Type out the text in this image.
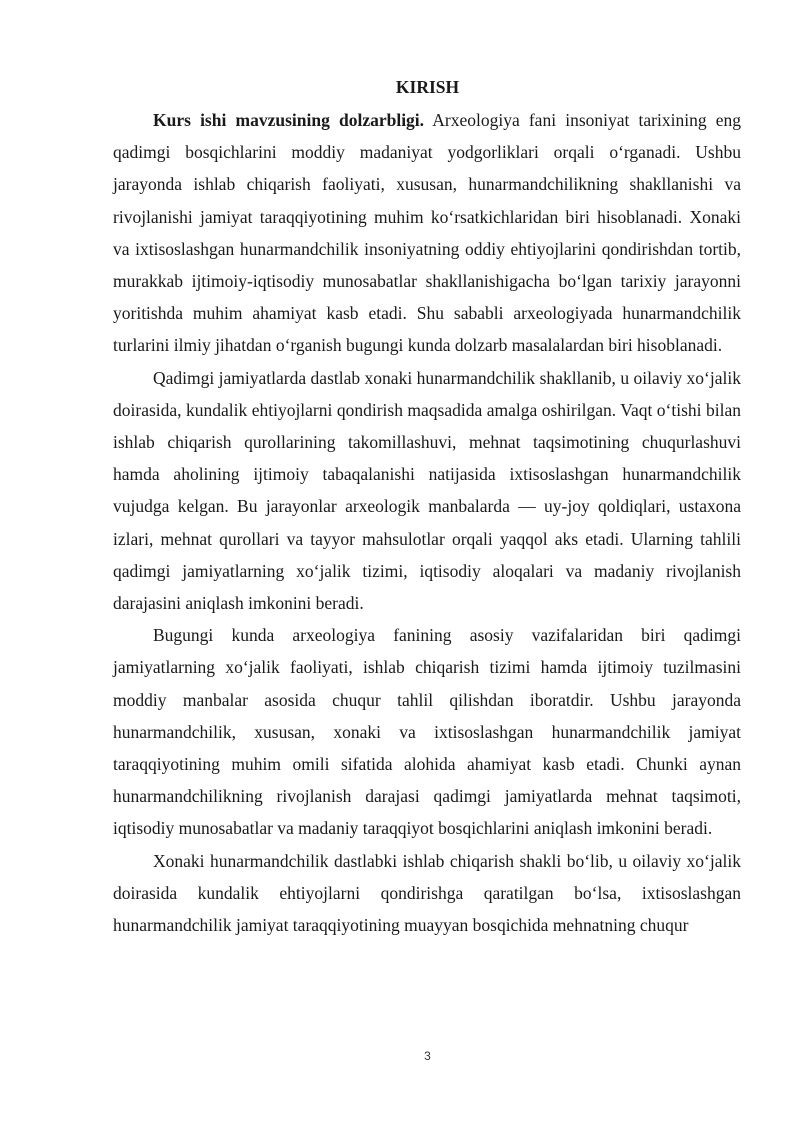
KIRISH

Kurs ishi mavzusining dolzarbligi. Arxeologiya fani insoniyat tarixining eng qadimgi bosqichlarini moddiy madaniyat yodgorliklari orqali o‘rganadi. Ushbu jarayonda ishlab chiqarish faoliyati, xususan, hunarmandchilikning shakllanishi va rivojlanishi jamiyat taraqqiyotining muhim ko‘rsatkichlaridan biri hisoblanadi. Xonaki va ixtisoslashgan hunarmandchilik insoniyatning oddiy ehtiyojlarini qondirishdan tortib, murakkab ijtimoiy-iqtisodiy munosabatlar shakllanishigacha bo‘lgan tarixiy jarayonni yoritishda muhim ahamiyat kasb etadi. Shu sababli arxeologiyada hunarmandchilik turlarini ilmiy jihatdan o‘rganish bugungi kunda dolzarb masalalardan biri hisoblanadi.

Qadimgi jamiyatlarda dastlab xonaki hunarmandchilik shakllanib, u oilaviy xo‘jalik doirasida, kundalik ehtiyojlarni qondirish maqsadida amalga oshirilgan. Vaqt o‘tishi bilan ishlab chiqarish qurollarining takomillashuvi, mehnat taqsimotining chuqurlashuvi hamda aholining ijtimoiy tabaqalanishi natijasida ixtisoslashgan hunarmandchilik vujudga kelgan. Bu jarayonlar arxeologik manbalarda — uy-joy qoldiqlari, ustaxona izlari, mehnat qurollari va tayyor mahsulotlar orqali yaqqol aks etadi. Ularning tahlili qadimgi jamiyatlarning xo‘jalik tizimi, iqtisodiy aloqalari va madaniy rivojlanish darajasini aniqlash imkonini beradi.

Bugungi kunda arxeologiya fanining asosiy vazifalaridan biri qadimgi jamiyatlarning xo‘jalik faoliyati, ishlab chiqarish tizimi hamda ijtimoiy tuzilmasini moddiy manbalar asosida chuqur tahlil qilishdan iboratdir. Ushbu jarayonda hunarmandchilik, xususan, xonaki va ixtisoslashgan hunarmandchilik jamiyat taraqqiyotining muhim omili sifatida alohida ahamiyat kasb etadi. Chunki aynan hunarmandchilikning rivojlanish darajasi qadimgi jamiyatlarda mehnat taqsimoti, iqtisodiy munosabatlar va madaniy taraqqiyot bosqichlarini aniqlash imkonini beradi.

Xonaki hunarmandchilik dastlabki ishlab chiqarish shakli bo‘lib, u oilaviy xo‘jalik doirasida kundalik ehtiyojlarni qondirishga qaratilgan bo‘lsa, ixtisoslashgan hunarmandchilik jamiyat taraqqiyotining muayyan bosqichida mehnatning chuqur

3
